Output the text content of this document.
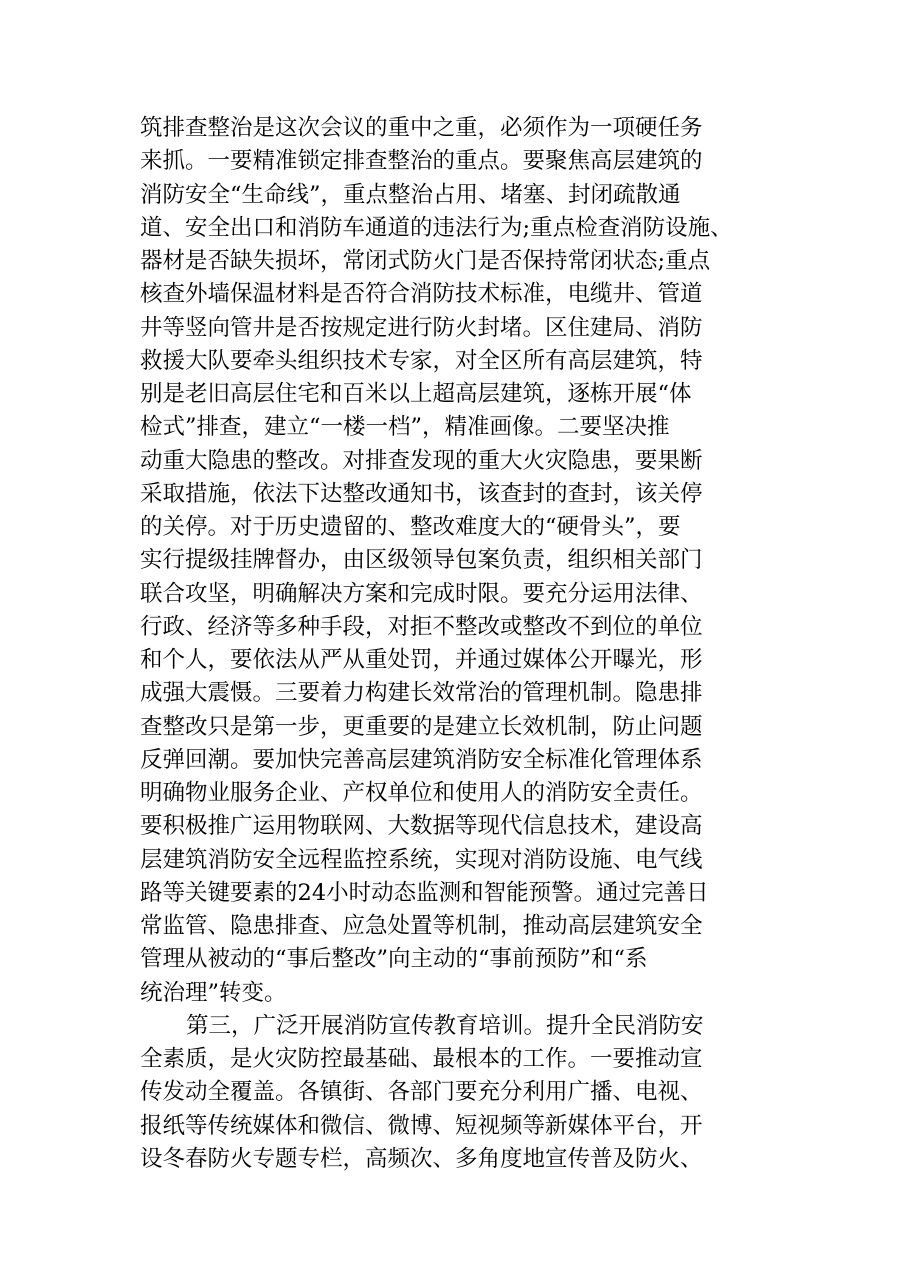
筑排查整治是这次会议的重中之重，必须作为一项硬任务
来抓。一要精准锁定排查整治的重点。要聚焦高层建筑的
消防安全“生命线”，重点整治占用、堵塞、封闭疏散通
道、安全出口和消防车通道的违法行为;重点检查消防设施、
器材是否缺失损坏，常闭式防火门是否保持常闭状态;重点
核查外墙保温材料是否符合消防技术标准，电缆井、管道
井等竖向管井是否按规定进行防火封堵。区住建局、消防
救援大队要牵头组织技术专家，对全区所有高层建筑，特
别是老旧高层住宅和百米以上超高层建筑，逐栋开展“体
检式”排查，建立“一楼一档”，精准画像。二要坚决推
动重大隐患的整改。对排查发现的重大火灾隐患，要果断
采取措施，依法下达整改通知书，该查封的查封，该关停
的关停。对于历史遗留的、整改难度大的“硬骨头”，要
实行提级挂牌督办，由区级领导包案负责，组织相关部门
联合攻坚，明确解决方案和完成时限。要充分运用法律、
行政、经济等多种手段，对拒不整改或整改不到位的单位
和个人，要依法从严从重处罚，并通过媒体公开曝光，形
成强大震慑。三要着力构建长效常治的管理机制。隐患排
查整改只是第一步，更重要的是建立长效机制，防止问题
反弹回潮。要加快完善高层建筑消防安全标准化管理体系
明确物业服务企业、产权单位和使用人的消防安全责任。
要积极推广运用物联网、大数据等现代信息技术，建设高
层建筑消防安全远程监控系统，实现对消防设施、电气线
路等关键要素的24小时动态监测和智能预警。通过完善日
常监管、隐患排查、应急处置等机制，推动高层建筑安全
管理从被动的“事后整改”向主动的“事前预防”和“系
统治理”转变。
第三，广泛开展消防宣传教育培训。提升全民消防安
全素质，是火灾防控最基础、最根本的工作。一要推动宣
传发动全覆盖。各镇街、各部门要充分利用广播、电视、
报纸等传统媒体和微信、微博、短视频等新媒体平台，开
设冬春防火专题专栏，高频次、多角度地宣传普及防火、
